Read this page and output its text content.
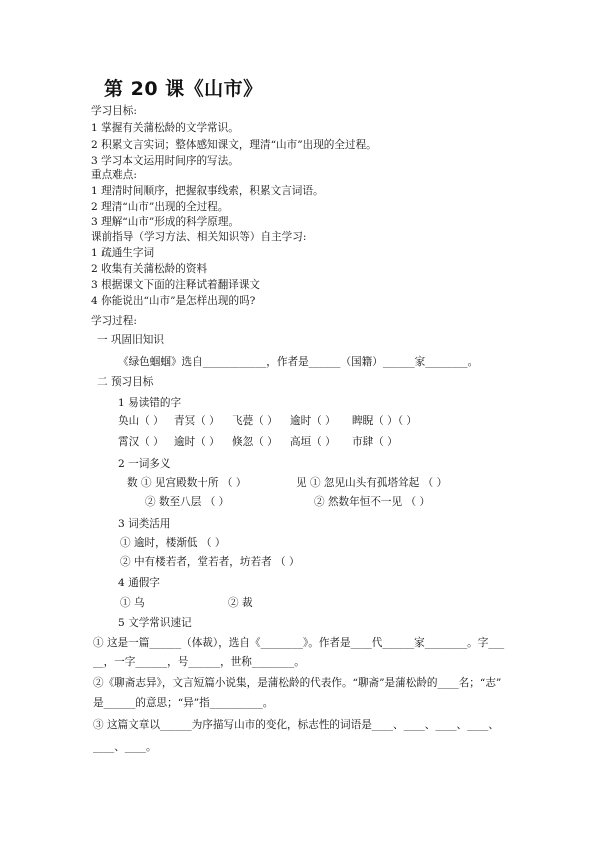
第 20 课《山市》
学习目标:
1 掌握有关蒲松龄的文学常识。
2 积累文言实词；整体感知课文，理清“山市”出现的全过程。
3 学习本文运用时间序的写法。
重点难点:
1 理清时间顺序，把握叙事线索，积累文言词语。
2 理清“山市”出现的全过程。
3 理解“山市”形成的科学原理。
课前指导（学习方法、相关知识等）自主学习:
1 疏通生字词
2 收集有关蒲松龄的资料
3 根据课文下面的注释试着翻译课文
4 你能说出“山市”是怎样出现的吗?
学习过程:
一 巩固旧知识
《绿色蝈蝈》选自____________，作者是______（国籍）______家________。
二 预习目标
1 易读错的字
奂山（ ） 青冥（ ） 飞甍（ ） 逾时（ ） 睥睨（ ）（ ）
霄汉（ ） 逾时（ ） 倏忽（ ） 高垣（ ） 市肆（ ）
2 一词多义
数 ① 见宫殿数十所 （ ）
② 数至八层 （ ）
见 ① 忽见山头有孤塔耸起 （ ）
② 然数年恒不一见 （ ）
3 词类活用
① 逾时，楼渐低 （ ）
② 中有楼若者，堂若者，坊若者 （ ）
4 通假字
① 乌	② 裁
5 文学常识速记
① 这是一篇______（体裁），选自《________》。作者是____代______家________。字___
__，一字______，号______，世称________。
②《聊斋志异》，文言短篇小说集，是蒲松龄的代表作。“聊斋”是蒲松龄的____名；“志”
是______的意思；“异”指__________。
③ 这篇文章以______为序描写山市的变化，标志性的词语是____、____、____、____、
____、____。
